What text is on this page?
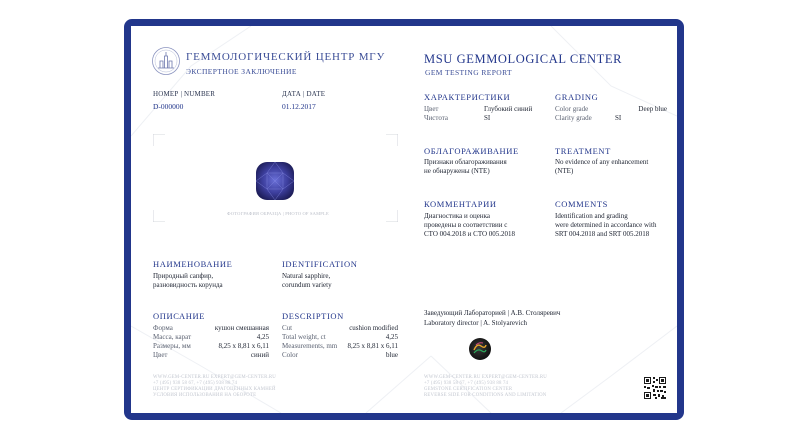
ГЕММОЛОГИЧЕСКИЙ ЦЕНТР МГУ
ЭКСПЕРТНОЕ ЗАКЛЮЧЕНИЕ
MSU GEMMOLOGICAL CENTER
GEM TESTING REPORT
НОМЕР | NUMBER
D-000000
ДАТА | DATE
01.12.2017
ФОТОГРАФИЯ ОБРАЗЦА | PHOTO OF SAMPLE
НАИМЕНОВАНИЕ
Природный сапфир,
разновидность корунда
IDENTIFICATION
Natural sapphire,
corundum variety
ОПИСАНИЕ	DESCRIPTION
Форма	кушон смешанная
Масса, карат	4,25
Размеры, мм	8,25 x 8,81 x 6,11
Цвет	синий
Cut	cushion modified
Total weight, ct	4,25
Measurements, mm 8,25 x 8,81 x 6,11
Color	blue
ХАРАКТЕРИСТИКИ
Цвет	Глубокий синий
Чистота	SI
GRADING
Color grade	Deep blue
Clarity grade	SI
ОБЛАГОРАЖИВАНИЕ
Признаки облагораживания
не обнаружены (NTE)
TREATMENT
No evidence of any enhancement
(NTE)
КОММЕНТАРИИ
Диагностика и оценка
проведены в соответствии с
СТО 004.2018 и СТО 005.2018
COMMENTS
Identification and grading
were determined in accordance with
SRT 004.2018 and SRT 005.2018
Заведующий Лабораторией | А.В. Столяревич
Laboratory director | A. Stolyarevich
WWW.GEM-CENTER.RU EXPERT@GEM-CENTER.RU
+7 (495) 938 58 67, +7 (495) 938 88 74
ЦЕНТР СЕРТИФИКАЦИИ ДРАГОЦЕННЫХ КАМНЕЙ
УСЛОВИЯ ИСПОЛЬЗОВАНИЯ НА ОБОРОТЕ
WWW.GEM-CENTER.RU EXPERT@GEM-CENTER.RU
+7 (495) 938 58 67, +7 (495) 938 88 74
GEMSTONE CERTIFICATION CENTER
REVERSE SIDE FOR CONDITIONS AND LIMITATION
